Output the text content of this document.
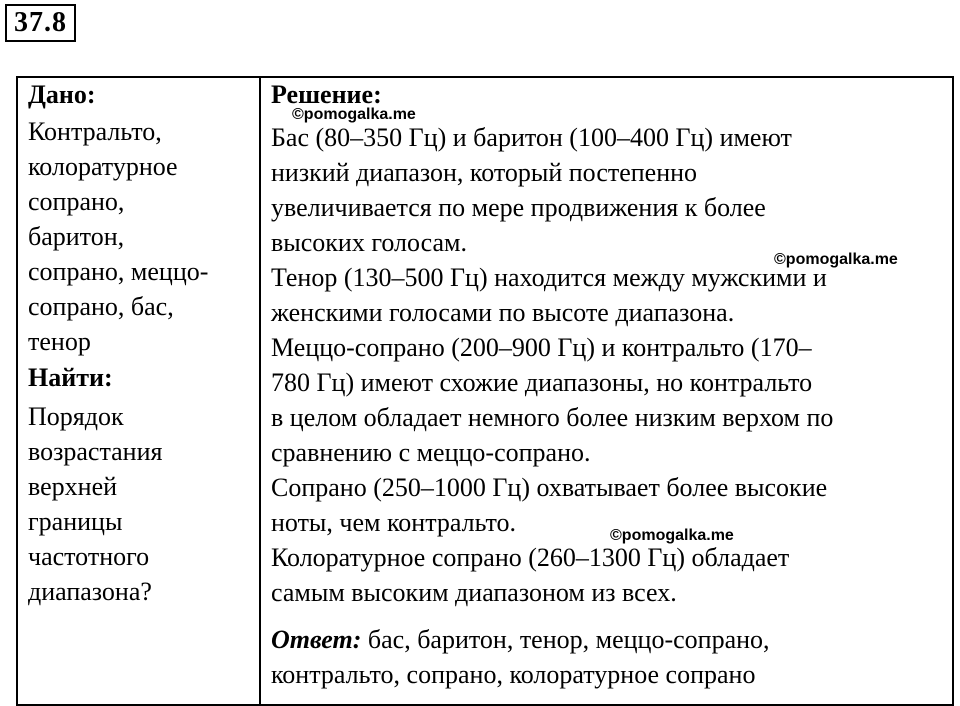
37.8
Дано:
Контральто,
колоратурное
сопрано,
баритон,
сопрано, меццо-
сопрано, бас,
тенор
Найти:
Порядок
возрастания
верхней
границы
частотного
диапазона?
Решение:
Бас (80–350 Гц) и баритон (100–400 Гц) имеют
низкий диапазон, который постепенно
увеличивается по мере продвижения к более
высоких голосам.
Тенор (130–500 Гц) находится между мужскими и
женскими голосами по высоте диапазона.
Меццо-сопрано (200–900 Гц) и контральто (170–
780 Гц) имеют схожие диапазоны, но контральто
в целом обладает немного более низким верхом по
сравнению с меццо-сопрано.
Сопрано (250–1000 Гц) охватывает более высокие
ноты, чем контральто.
Колоратурное сопрано (260–1300 Гц) обладает
самым высоким диапазоном из всех.
Ответ: бас, баритон, тенор, меццо-сопрано,
контральто, сопрано, колоратурное сопрано
©pomogalka.me
©pomogalka.me
©pomogalka.me
